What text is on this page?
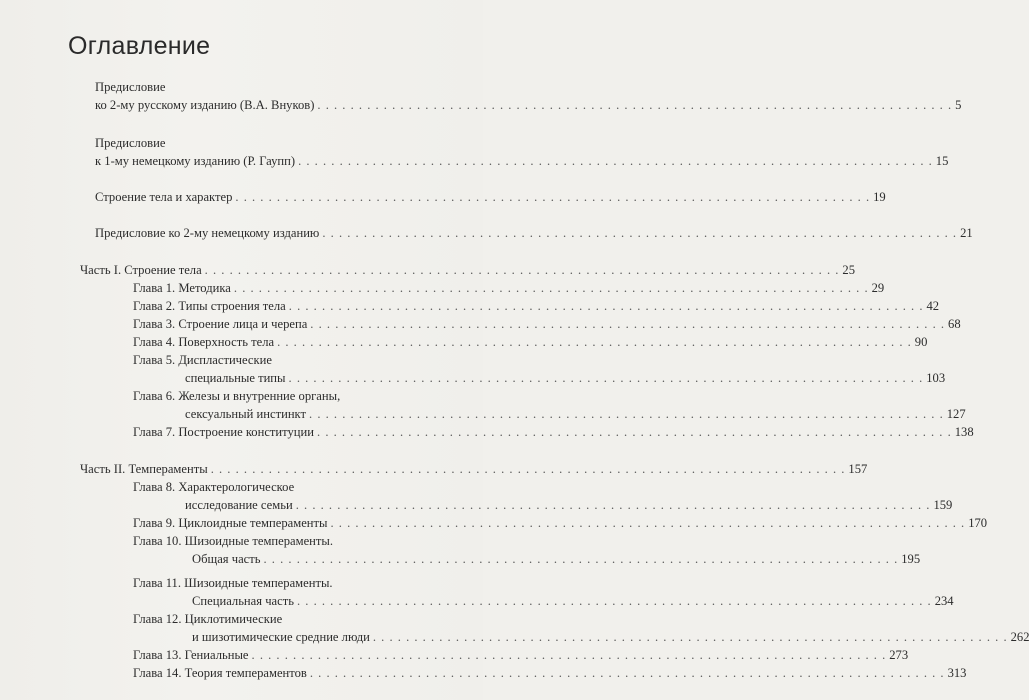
Оглавление
Предисловие
ко 2-му русскому изданию (В.А. Внуков) . . . . . . . . . . . . . . . . . . . . . . . . . . . . . . . . . . . . . . . . . . . . . . . . . . . . . . . . . . . . . . . . . . . . . . . . . . . . . 5
Предисловие
к 1-му немецкому изданию (Р. Гаупп) . . . . . . . . . . . . . . . . . . . . . . . . . . . . . . . . . . . . . . . . . . . . . . . . . . . . . . . . . . . . . . . . . . . . . . . . . . . . . 15
Строение тела и характер . . . . . . . . . . . . . . . . . . . . . . . . . . . . . . . . . . . . . . . . . . . . . . . . . . . . . . . . . . . . . . . . . . . . . . . . . . . . . 19
Предисловие ко 2-му немецкому изданию . . . . . . . . . . . . . . . . . . . . . . . . . . . . . . . . . . . . . . . . . . . . . . . . . . . . . . . . . . . . . . . . . . . . . . . . . . . . . 21
Часть I. Строение тела . . . . . . . . . . . . . . . . . . . . . . . . . . . . . . . . . . . . . . . . . . . . . . . . . . . . . . . . . . . . . . . . . . . . . . . . . . . . . 25
Глава 1. Методика . . . . . . . . . . . . . . . . . . . . . . . . . . . . . . . . . . . . . . . . . . . . . . . . . . . . . . . . . . . . . . . . . . . . . . . . . . . . . 29
Глава 2. Типы строения тела . . . . . . . . . . . . . . . . . . . . . . . . . . . . . . . . . . . . . . . . . . . . . . . . . . . . . . . . . . . . . . . . . . . . . . . . . . . . . 42
Глава 3. Строение лица и черепа . . . . . . . . . . . . . . . . . . . . . . . . . . . . . . . . . . . . . . . . . . . . . . . . . . . . . . . . . . . . . . . . . . . . . . . . . . . . . 68
Глава 4. Поверхность тела . . . . . . . . . . . . . . . . . . . . . . . . . . . . . . . . . . . . . . . . . . . . . . . . . . . . . . . . . . . . . . . . . . . . . . . . . . . . . 90
Глава 5. Диспластические
специальные типы . . . . . . . . . . . . . . . . . . . . . . . . . . . . . . . . . . . . . . . . . . . . . . . . . . . . . . . . . . . . . . . . . . . . . . . . . . . . . 103
Глава 6. Железы и внутренние органы,
сексуальный инстинкт . . . . . . . . . . . . . . . . . . . . . . . . . . . . . . . . . . . . . . . . . . . . . . . . . . . . . . . . . . . . . . . . . . . . . . . . . . . . . 127
Глава 7. Построение конституции . . . . . . . . . . . . . . . . . . . . . . . . . . . . . . . . . . . . . . . . . . . . . . . . . . . . . . . . . . . . . . . . . . . . . . . . . . . . . 138
Часть II. Темпераменты . . . . . . . . . . . . . . . . . . . . . . . . . . . . . . . . . . . . . . . . . . . . . . . . . . . . . . . . . . . . . . . . . . . . . . . . . . . . . 157
Глава 8. Характерологическое
исследование семьи . . . . . . . . . . . . . . . . . . . . . . . . . . . . . . . . . . . . . . . . . . . . . . . . . . . . . . . . . . . . . . . . . . . . . . . . . . . . . 159
Глава 9. Циклоидные темпераменты . . . . . . . . . . . . . . . . . . . . . . . . . . . . . . . . . . . . . . . . . . . . . . . . . . . . . . . . . . . . . . . . . . . . . . . . . . . . . 170
Глава 10. Шизоидные темпераменты.
Общая часть . . . . . . . . . . . . . . . . . . . . . . . . . . . . . . . . . . . . . . . . . . . . . . . . . . . . . . . . . . . . . . . . . . . . . . . . . . . . . 195
Глава 11. Шизоидные темпераменты.
Специальная часть . . . . . . . . . . . . . . . . . . . . . . . . . . . . . . . . . . . . . . . . . . . . . . . . . . . . . . . . . . . . . . . . . . . . . . . . . . . . . 234
Глава 12. Циклотимические
и шизотимические средние люди . . . . . . . . . . . . . . . . . . . . . . . . . . . . . . . . . . . . . . . . . . . . . . . . . . . . . . . . . . . . . . . . . . . . . . . . . . . . . 262
Глава 13. Гениальные . . . . . . . . . . . . . . . . . . . . . . . . . . . . . . . . . . . . . . . . . . . . . . . . . . . . . . . . . . . . . . . . . . . . . . . . . . . . . 273
Глава 14. Теория темпераментов . . . . . . . . . . . . . . . . . . . . . . . . . . . . . . . . . . . . . . . . . . . . . . . . . . . . . . . . . . . . . . . . . . . . . . . . . . . . . 313
